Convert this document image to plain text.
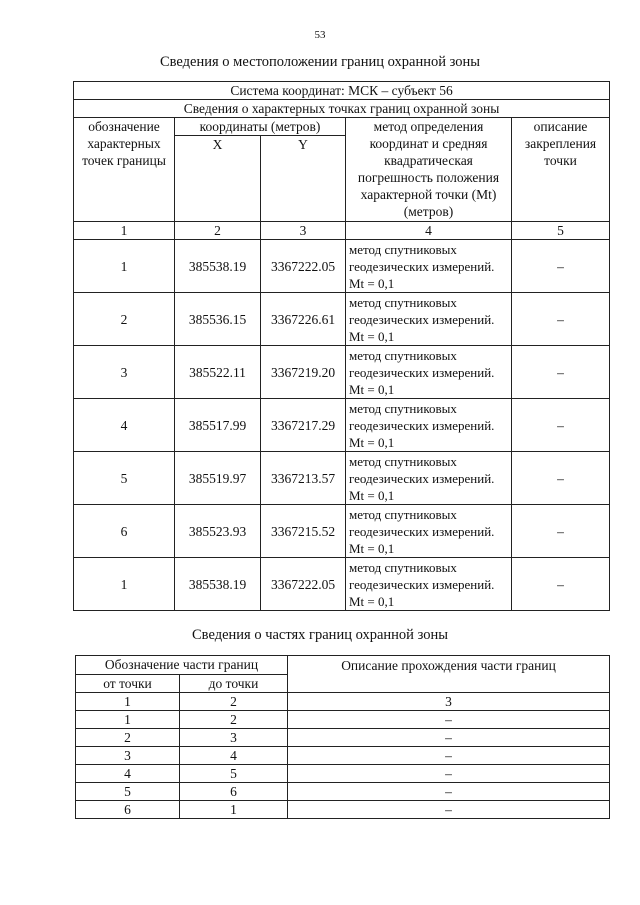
53
Сведения о местоположении границ охранной зоны
Система координат: МСК – субъект 56				
Сведения о характерных точках границ охранной зоны				
обозначение характерных точек границы	координаты (метров)		метод определения координат и средняя квадратическая погрешность положения характерной точки (Mt) (метров)	описание закрепления точки
	X	Y		
1	2	3	4	5
1	385538.19	3367222.05	метод спутниковых геодезических измерений. Mt = 0,1	–
2	385536.15	3367226.61	метод спутниковых геодезических измерений. Mt = 0,1	–
3	385522.11	3367219.20	метод спутниковых геодезических измерений. Mt = 0,1	–
4	385517.99	3367217.29	метод спутниковых геодезических измерений. Mt = 0,1	–
5	385519.97	3367213.57	метод спутниковых геодезических измерений. Mt = 0,1	–
6	385523.93	3367215.52	метод спутниковых геодезических измерений. Mt = 0,1	–
1	385538.19	3367222.05	метод спутниковых геодезических измерений. Mt = 0,1	–
Сведения о частях границ охранной зоны
Обозначение части границ		Описание прохождения части границ
от точки	до точки	
1	2	3
1	2	–
2	3	–
3	4	–
4	5	–
5	6	–
6	1	–
